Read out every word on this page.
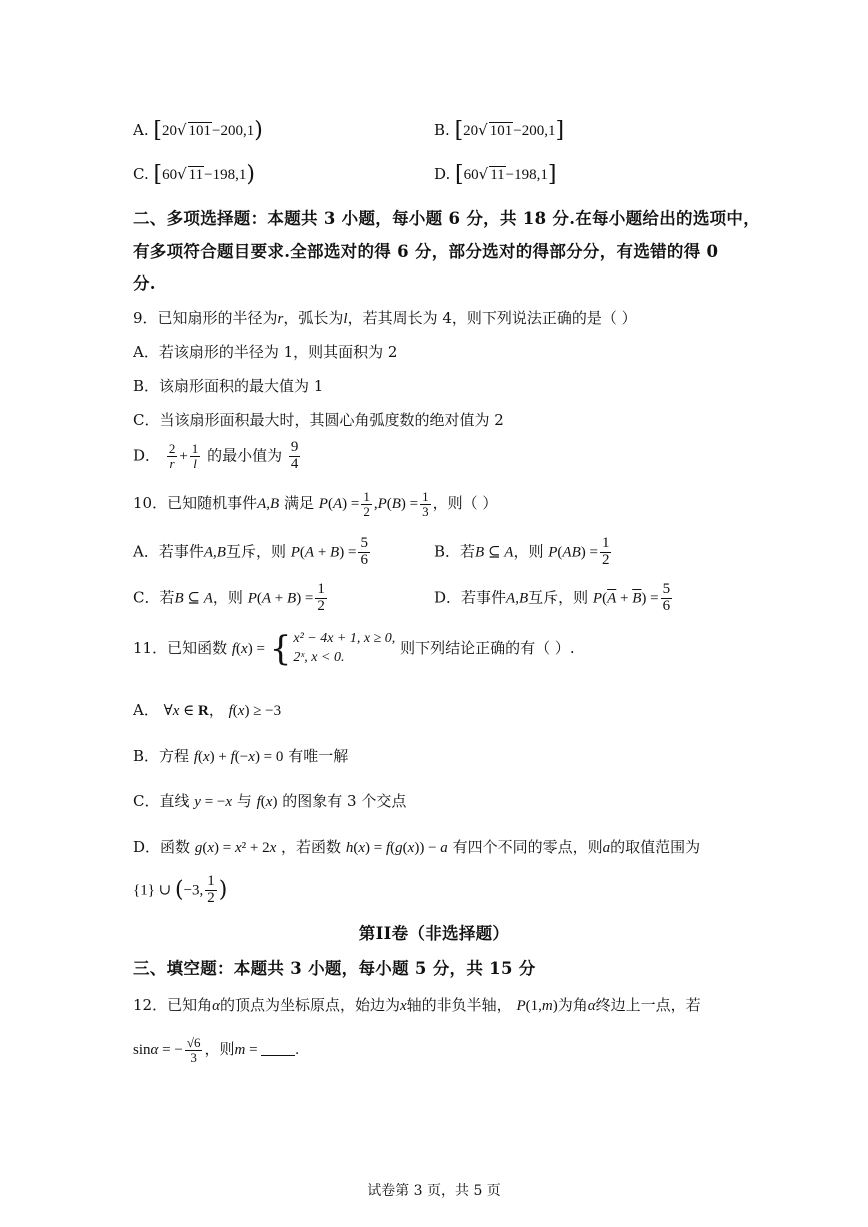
A. [20√ 101−200,1)	B. [20√ 101−200,1]
C. [60√ 11−198,1)	D. [60√ 11−198,1]
二、多项选择题：本题共 3 小题，每小题 6 分，共 18 分.在每小题给出的选项中，
有多项符合题目要求.全部选对的得 6 分，部分选对的得部分分，有选错的得 0
分.
9．已知扇形的半径为r，弧长为l，若其周长为 4，则下列说法正确的是（ ）
A．若该扇形的半径为 1，则其面积为 2
B．该扇形面积的最大值为 1
C．当该扇形面积最大时，其圆心角弧度数的绝对值为 2
D． $\frac{2}{r} + \frac{1}{l}$ 的最小值为 $\frac{9}{4}$
10．已知随机事件A,B 满足 $P(A) = \frac{1}{2} ,P(B) = \frac{1}{3}$ ，则（ ）
A．若事件A,B互斥，则 $P(A + B) = \frac{5}{6}$	B．若B ⊆ A，则 $P(AB) = \frac{1}{2}$
C．若B ⊆ A，则 $P(A + B) = \frac{1}{2}$	D．若事件A,B互斥，则 $P(\overline{A} + \overline{B}) = \frac{5}{6}$
11．已知函数 f(x) = { x² − 4x + 1, x ≥ 0,
2ˣ, x < 0.
则下列结论正确的有（ ）.
A． ∀x ∈ R， f(x) ≥ −3
B．方程 f(x) + f(−x) = 0 有唯一解
C．直线 y = −x 与 f(x) 的图象有 3 个交点
D．函数 g(x) = x² + 2x ，若函数 h(x) = f(g(x)) − a 有四个不同的零点，则a的取值范围为
{1} ∪ (−3, $\frac{1}{2}$ )
第II卷（非选择题）
三、填空题：本题共 3 小题，每小题 5 分，共 15 分
12．已知角α的顶点为坐标原点，始边为x轴的非负半轴， P(1,m)为角α终边上一点，若
sinα = − $\frac{√6}{3}$ ，则m = .
试卷第 3 页，共 5 页
